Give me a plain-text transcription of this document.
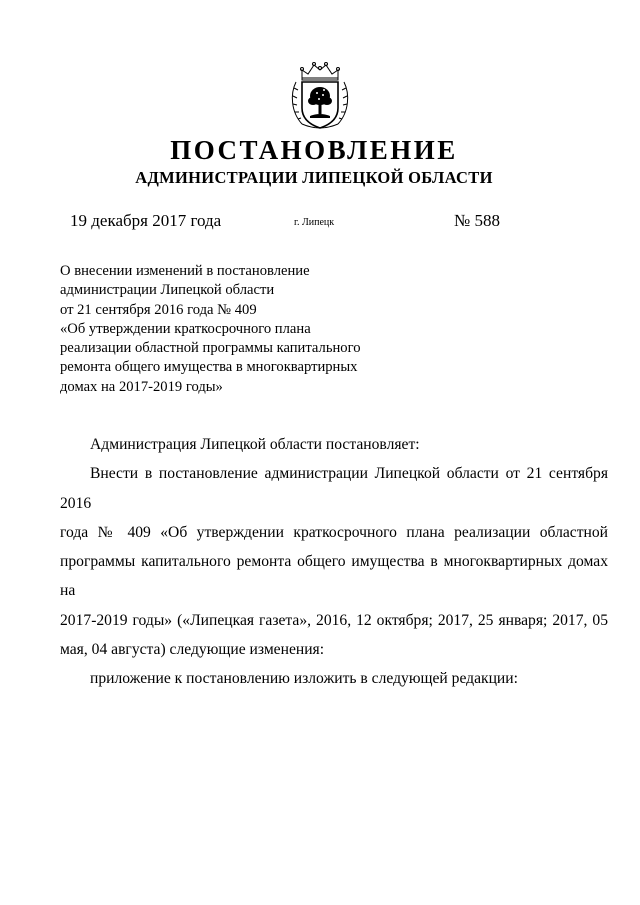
ПОСТАНОВЛЕНИЕ
АДМИНИСТРАЦИИ ЛИПЕЦКОЙ ОБЛАСТИ
19 декабря 2017 года	г. Липецк	№ 588
О внесении изменений в постановление
администрации Липецкой области
от 21 сентября 2016 года № 409
«Об утверждении краткосрочного плана
реализации областной программы капитального
ремонта общего имущества в многоквартирных
домах на 2017-2019 годы»

Администрация Липецкой области постановляет:

Внести в постановление администрации Липецкой области от 21 сентября 2016
года № 409 «Об утверждении краткосрочного плана реализации областной
программы капитального ремонта общего имущества в многоквартирных домах на
2017-2019 годы» («Липецкая газета», 2016, 12 октября; 2017, 25 января; 2017, 05
мая, 04 августа) следующие изменения:

приложение к постановлению изложить в следующей редакции:
